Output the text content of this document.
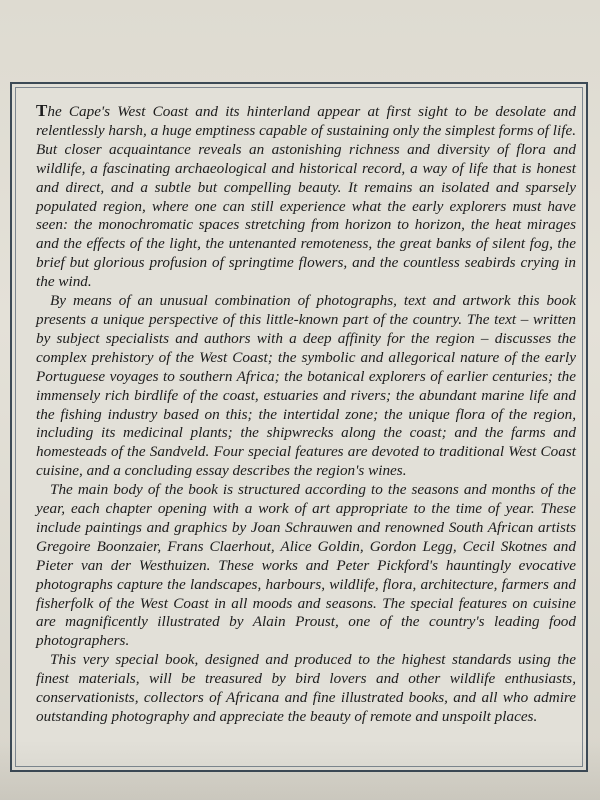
The Cape's West Coast and its hinterland appear at first sight to be desolate and relentlessly harsh, a huge emptiness capable of sustaining only the simplest forms of life. But closer acquaintance reveals an astonishing richness and diversity of flora and wildlife, a fascinating archaeological and historical record, a way of life that is honest and direct, and a subtle but compelling beauty. It remains an isolated and sparsely populated region, where one can still experience what the early explorers must have seen: the monochromatic spaces stretching from horizon to horizon, the heat mirages and the effects of the light, the untenanted remoteness, the great banks of silent fog, the brief but glorious profusion of springtime flowers, and the countless seabirds crying in the wind.

By means of an unusual combination of photographs, text and artwork this book presents a unique perspective of this little-known part of the country. The text – written by subject specialists and authors with a deep affinity for the region – discusses the complex prehistory of the West Coast; the symbolic and allegorical nature of the early Portuguese voyages to southern Africa; the botanical explorers of earlier centuries; the immensely rich birdlife of the coast, estuaries and rivers; the abundant marine life and the fishing industry based on this; the intertidal zone; the unique flora of the region, including its medicinal plants; the shipwrecks along the coast; and the farms and homesteads of the Sandveld. Four special features are devoted to traditional West Coast cuisine, and a concluding essay describes the region's wines.

The main body of the book is structured according to the seasons and months of the year, each chapter opening with a work of art appropriate to the time of year. These include paintings and graphics by Joan Schrauwen and renowned South African artists Gregoire Boonzaier, Frans Claerhout, Alice Goldin, Gordon Legg, Cecil Skotnes and Pieter van der Westhuizen. These works and Peter Pickford's hauntingly evocative photographs capture the landscapes, harbours, wildlife, flora, architecture, farmers and fisherfolk of the West Coast in all moods and seasons. The special features on cuisine are magnificently illustrated by Alain Proust, one of the country's leading food photographers.

This very special book, designed and produced to the highest standards using the finest materials, will be treasured by bird lovers and other wildlife enthusiasts, conservationists, collectors of Africana and fine illustrated books, and all who admire outstanding photography and appreciate the beauty of remote and unspoilt places.
